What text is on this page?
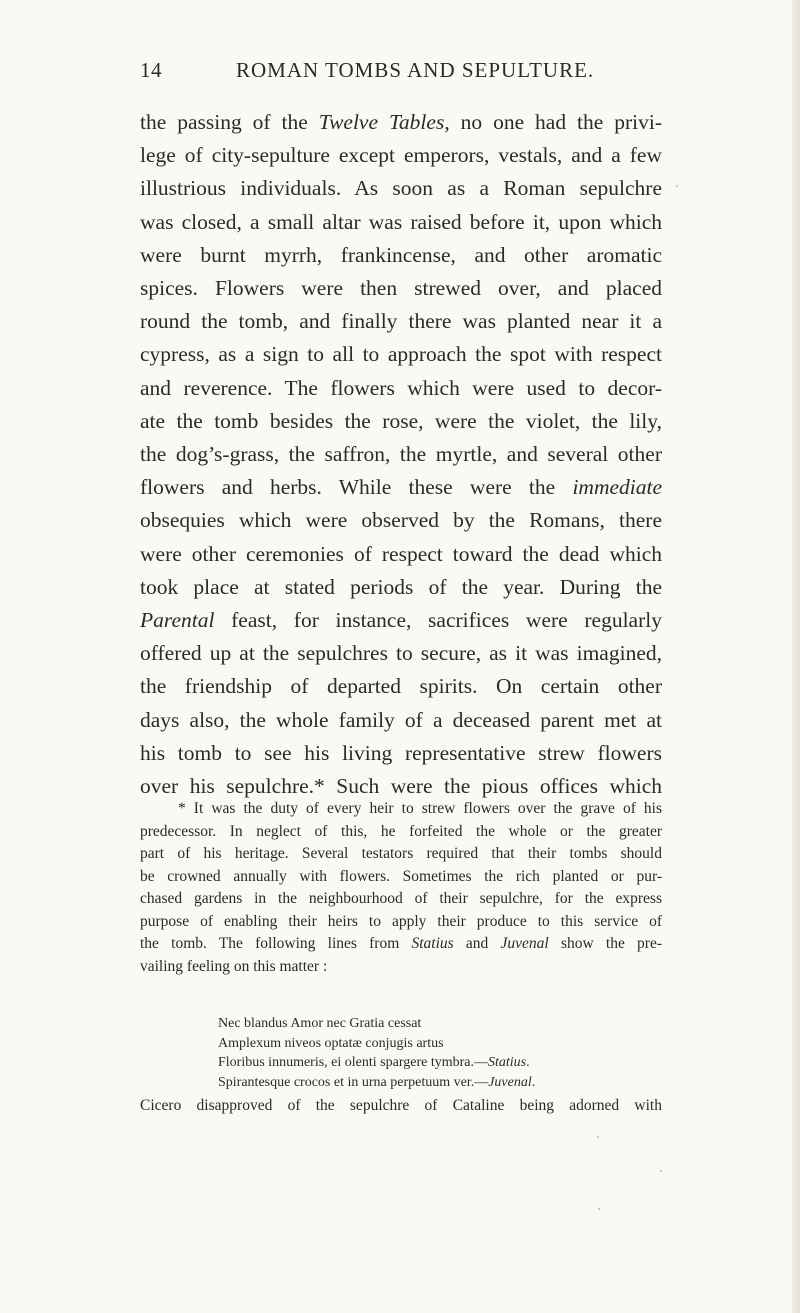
14	ROMAN TOMBS AND SEPULTURE.
the passing of the Twelve Tables, no one had the privi-
lege of city-sepulture except emperors, vestals, and a few
illustrious individuals. As soon as a Roman sepulchre
was closed, a small altar was raised before it, upon which
were burnt myrrh, frankincense, and other aromatic
spices. Flowers were then strewed over, and placed
round the tomb, and finally there was planted near it a
cypress, as a sign to all to approach the spot with respect
and reverence. The flowers which were used to decor-
ate the tomb besides the rose, were the violet, the lily,
the dog’s-grass, the saffron, the myrtle, and several other
flowers and herbs. While these were the immediate
obsequies which were observed by the Romans, there
were other ceremonies of respect toward the dead which
took place at stated periods of the year. During the
Parental feast, for instance, sacrifices were regularly
offered up at the sepulchres to secure, as it was imagined,
the friendship of departed spirits. On certain other
days also, the whole family of a deceased parent met at
his tomb to see his living representative strew flowers
over his sepulchre.* Such were the pious offices which
* It was the duty of every heir to strew flowers over the grave of his
predecessor. In neglect of this, he forfeited the whole or the greater
part of his heritage. Several testators required that their tombs should
be crowned annually with flowers. Sometimes the rich planted or pur-
chased gardens in the neighbourhood of their sepulchre, for the express
purpose of enabling their heirs to apply their produce to this service of
the tomb. The following lines from Statius and Juvenal show the pre-
vailing feeling on this matter :
Nec blandus Amor nec Gratia cessat
Amplexum niveos optatæ conjugis artus
Floribus innumeris, ei olenti spargere tymbra.—Statius.
Spirantesque crocos et in urna perpetuum ver.—Juvenal.
Cicero disapproved of the sepulchre of Cataline being adorned with
